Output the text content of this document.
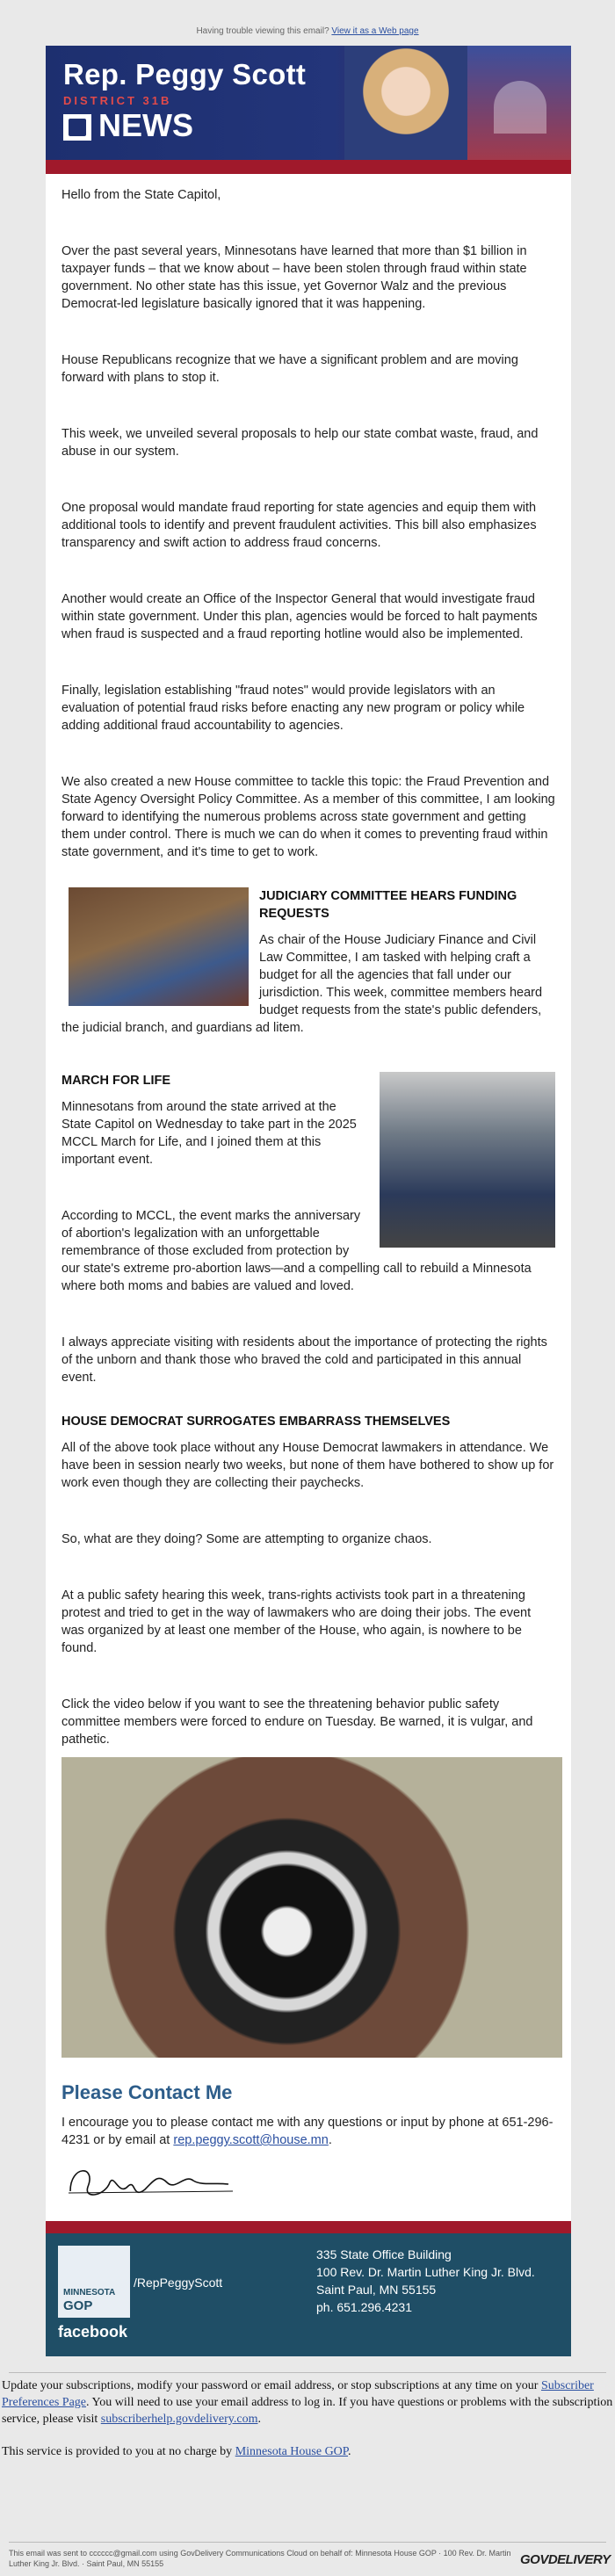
Having trouble viewing this email? View it as a Web page
Rep. Peggy Scott
DISTRICT 31B
NEWS

Hello from the State Capitol,

Over the past several years, Minnesotans have learned that more than $1 billion in taxpayer funds – that we know about – have been stolen through fraud within state government. No other state has this issue, yet Governor Walz and the previous Democrat-led legislature basically ignored that it was happening.

House Republicans recognize that we have a significant problem and are moving forward with plans to stop it.

This week, we unveiled several proposals to help our state combat waste, fraud, and abuse in our system.

One proposal would mandate fraud reporting for state agencies and equip them with additional tools to identify and prevent fraudulent activities. This bill also emphasizes transparency and swift action to address fraud concerns.

Another would create an Office of the Inspector General that would investigate fraud within state government. Under this plan, agencies would be forced to halt payments when fraud is suspected and a fraud reporting hotline would also be implemented.

Finally, legislation establishing "fraud notes" would provide legislators with an evaluation of potential fraud risks before enacting any new program or policy while adding additional fraud accountability to agencies.

We also created a new House committee to tackle this topic: the Fraud Prevention and State Agency Oversight Policy Committee. As a member of this committee, I am looking forward to identifying the numerous problems across state government and getting them under control. There is much we can do when it comes to preventing fraud within state government, and it's time to get to work.

JUDICIARY COMMITTEE HEARS FUNDING REQUESTS
As chair of the House Judiciary Finance and Civil Law Committee, I am tasked with helping craft a budget for all the agencies that fall under our jurisdiction. This week, committee members heard budget requests from the state's public defenders, the judicial branch, and guardians ad litem.
MARCH FOR LIFE

Minnesotans from around the state arrived at the State Capitol on Wednesday to take part in the 2025 MCCL March for Life, and I joined them at this important event.

According to MCCL, the event marks the anniversary of abortion's legalization with an unforgettable remembrance of those excluded from protection by our state's extreme pro-abortion laws—and a compelling call to rebuild a Minnesota where both moms and babies are valued and loved.

I always appreciate visiting with residents about the importance of protecting the rights of the unborn and thank those who braved the cold and participated in this annual event.

HOUSE DEMOCRAT SURROGATES EMBARRASS THEMSELVES

All of the above took place without any House Democrat lawmakers in attendance. We have been in session nearly two weeks, but none of them have bothered to show up for work even though they are collecting their paychecks.

So, what are they doing? Some are attempting to organize chaos.

At a public safety hearing this week, trans-rights activists took part in a threatening protest and tried to get in the way of lawmakers who are doing their jobs. The event was organized by at least one member of the House, who again, is nowhere to be found.

Click the video below if you want to see the threatening behavior public safety committee members were forced to endure on Tuesday. Be warned, it is vulgar, and pathetic.

Please Contact Me
I encourage you to please contact me with any questions or input by phone at 651-296-4231 or by email at rep.peggy.scott@house.mn.
MINNESOTA
GOP
facebook
/RepPeggyScott
335 State Office Building
100 Rev. Dr. Martin Luther King Jr. Blvd.
Saint Paul, MN 55155
ph. 651.296.4231
Update your subscriptions, modify your password or email address, or stop subscriptions at any time on your Subscriber Preferences Page. You will need to use your email address to log in. If you have questions or problems with the subscription service, please visit subscriberhelp.govdelivery.com.
This service is provided to you at no charge by Minnesota House GOP.
This email was sent to cccccc@gmail.com using GovDelivery Communications Cloud on behalf of: Minnesota House GOP · 100 Rev. Dr. Martin Luther King Jr. Blvd. · Saint Paul, MN 55155	GOVDELIVERY
